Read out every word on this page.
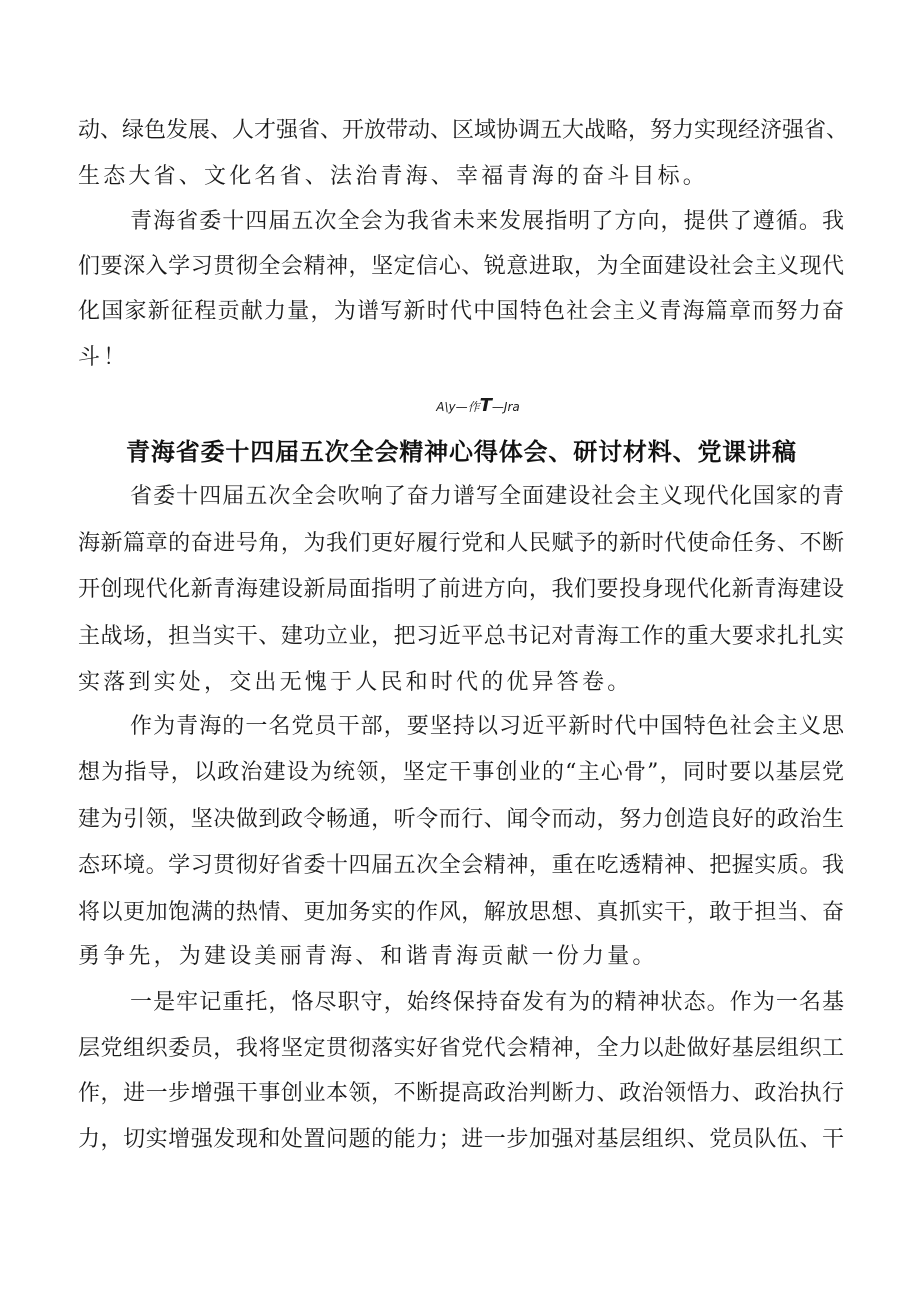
动、绿色发展、人才强省、开放带动、区域协调五大战略，努力实现经济强省、
生态大省、文化名省、法治青海、幸福青海的奋斗目标。
青海省委十四届五次全会为我省未来发展指明了方向，提供了遵循。我
们要深入学习贯彻全会精神，坚定信心、锐意进取，为全面建设社会主义现代
化国家新征程贡献力量，为谱写新时代中国特色社会主义青海篇章而努力奋
斗！
A\y—作T—Jra
青海省委十四届五次全会精神心得体会、研讨材料、党课讲稿
省委十四届五次全会吹响了奋力谱写全面建设社会主义现代化国家的青
海新篇章的奋进号角，为我们更好履行党和人民赋予的新时代使命任务、不断
开创现代化新青海建设新局面指明了前进方向，我们要投身现代化新青海建设
主战场，担当实干、建功立业，把习近平总书记对青海工作的重大要求扎扎实
实落到实处，交出无愧于人民和时代的优异答卷。
作为青海的一名党员干部，要坚持以习近平新时代中国特色社会主义思
想为指导，以政治建设为统领，坚定干事创业的“主心骨”，同时要以基层党
建为引领，坚决做到政令畅通，听令而行、闻令而动，努力创造良好的政治生
态环境。学习贯彻好省委十四届五次全会精神，重在吃透精神、把握实质。我
将以更加饱满的热情、更加务实的作风，解放思想、真抓实干，敢于担当、奋
勇争先，为建设美丽青海、和谐青海贡献一份力量。
一是牢记重托，恪尽职守，始终保持奋发有为的精神状态。作为一名基
层党组织委员，我将坚定贯彻落实好省党代会精神，全力以赴做好基层组织工
作，进一步增强干事创业本领，不断提高政治判断力、政治领悟力、政治执行
力，切实增强发现和处置问题的能力；进一步加强对基层组织、党员队伍、干
